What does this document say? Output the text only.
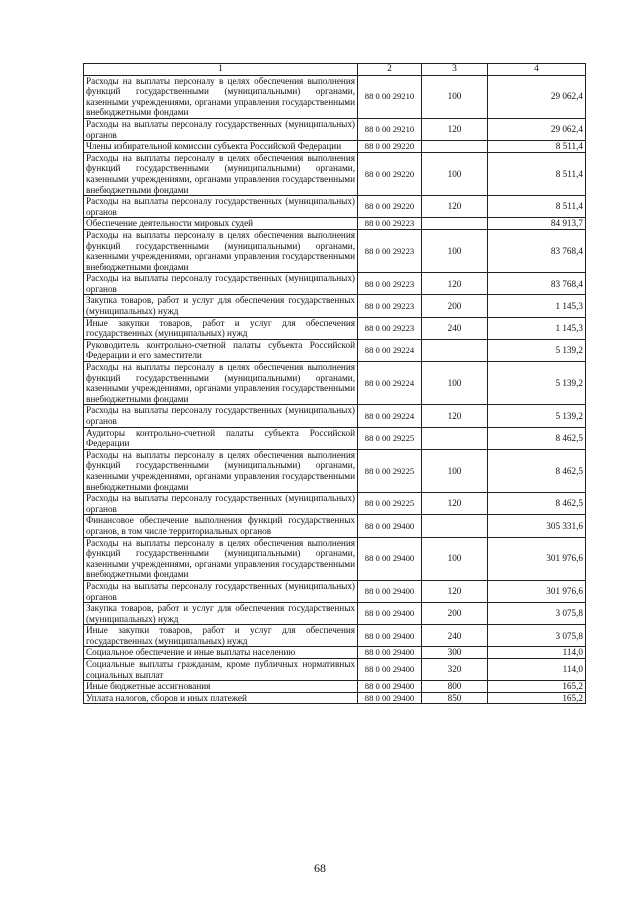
1	2	3	4
Расходы на выплаты персоналу в целях обеспечения выполнения функций государственными (муниципальными) органами, казенными учреждениями, органами управления государственными внебюджетными фондами	88 0 00 29210	100	29 062,4
Расходы на выплаты персоналу государственных (муниципальных) органов	88 0 00 29210	120	29 062,4
Члены избирательной комиссии субъекта Российской Федерации	88 0 00 29220		8 511,4
Расходы на выплаты персоналу в целях обеспечения выполнения функций государственными (муниципальными) органами, казенными учреждениями, органами управления государственными внебюджетными фондами	88 0 00 29220	100	8 511,4
Расходы на выплаты персоналу государственных (муниципальных) органов	88 0 00 29220	120	8 511,4
Обеспечение деятельности мировых судей	88 0 00 29223		84 913,7
Расходы на выплаты персоналу в целях обеспечения выполнения функций государственными (муниципальными) органами, казенными учреждениями, органами управления государственными внебюджетными фондами	88 0 00 29223	100	83 768,4
Расходы на выплаты персоналу государственных (муниципальных) органов	88 0 00 29223	120	83 768,4
Закупка товаров, работ и услуг для обеспечения государственных (муниципальных) нужд	88 0 00 29223	200	1 145,3
Иные закупки товаров, работ и услуг для обеспечения государственных (муниципальных) нужд	88 0 00 29223	240	1 145,3
Руководитель контрольно-счетной палаты субъекта Российской Федерации и его заместители	88 0 00 29224		5 139,2
Расходы на выплаты персоналу в целях обеспечения выполнения функций государственными (муниципальными) органами, казенными учреждениями, органами управления государственными внебюджетными фондами	88 0 00 29224	100	5 139,2
Расходы на выплаты персоналу государственных (муниципальных) органов	88 0 00 29224	120	5 139,2
Аудиторы контрольно-счетной палаты субъекта Российской Федерации	88 0 00 29225		8 462,5
Расходы на выплаты персоналу в целях обеспечения выполнения функций государственными (муниципальными) органами, казенными учреждениями, органами управления государственными внебюджетными фондами	88 0 00 29225	100	8 462,5
Расходы на выплаты персоналу государственных (муниципальных) органов	88 0 00 29225	120	8 462,5
Финансовое обеспечение выполнения функций государственных органов, в том числе территориальных органов	88 0 00 29400		305 331,6
Расходы на выплаты персоналу в целях обеспечения выполнения функций государственными (муниципальными) органами, казенными учреждениями, органами управления государственными внебюджетными фондами	88 0 00 29400	100	301 976,6
Расходы на выплаты персоналу государственных (муниципальных) органов	88 0 00 29400	120	301 976,6
Закупка товаров, работ и услуг для обеспечения государственных (муниципальных) нужд	88 0 00 29400	200	3 075,8
Иные закупки товаров, работ и услуг для обеспечения государственных (муниципальных) нужд	88 0 00 29400	240	3 075,8
Социальное обеспечение и иные выплаты населению	88 0 00 29400	300	114,0
Социальные выплаты гражданам, кроме публичных нормативных социальных выплат	88 0 00 29400	320	114,0
Иные бюджетные ассигнования	88 0 00 29400	800	165,2
Уплата налогов, сборов и иных платежей	88 0 00 29400	850	165,2
68
